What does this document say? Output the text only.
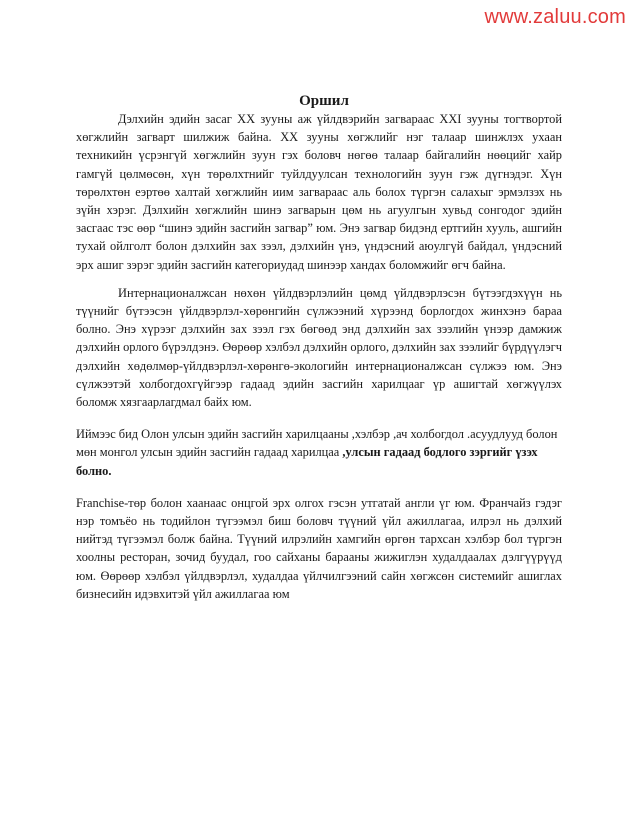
www.zaluu.com
Оршил

Дэлхийн эдийн засаг XX зууны аж үйлдвэрийн загвараас XXI зууны тогтвортой хөгжлийн загварт шилжиж байна. XX зууны хөгжлийг нэг талаар шинжлэх ухаан техникийн үсрэнгүй хөгжлийн зуун гэх боловч нөгөө талаар байгалийн нөөцийг хайр гамгүй цөлмөсөн, хүн төрөлхтнийг туйлдуулсан технологийн зуун гэж дүгнэдэг. Хүн төрөлхтөн еэртөө халтай хөгжлийн иим загвараас аль болох түргэн салахыг эрмэлзэх нь зүйн хэрэг. Дэлхийн хөгжлийн шинэ загварын цөм нь агуулгын хувьд сонгодог эдийн засгаас тэс өөр “шинэ эдийн засгийн загвар” юм. Энэ загвар бидэнд ертгийн хууль, ашгийн тухай ойлголт болон дэлхийн зах зээл, дэлхийн үнэ, үндэсний аюулгүй байдал, үндэсний эрх ашиг зэрэг эдийн засгийн категориудад шинээр хандах боломжийг өгч байна.

Интернационалжсан нөхөн үйлдвэрлэлийн цөмд үйлдвэрлэсэн бүтээгдэхүүн нь түүнийг бүтээсэн үйлдвэрлэл-хөрөнгийн сүлжээний хүрээнд борлогдох жинхэнэ бараа болно. Энэ хүрээг дэлхийн зах зээл гэх бөгөөд энд дэлхийн зах зээлийн үнээр дамжиж дэлхийн орлого бүрэлдэнэ. Өөрөөр хэлбэл дэлхийн орлого, дэлхийн зах зээлийг бүрдүүлэгч дэлхийн хөдөлмөр-үйлдвэрлэл-хөрөнгө-экологийн интернационалжсан сүлжээ юм. Энэ сүлжээтэй холбогдохгүйгээр гадаад эдийн засгийн харилцааг үр ашигтай хөгжүүлэх боломж хязгаарлагдмал байх юм.

Иймээс бид Олон улсын эдийн засгийн харилцааны ,хэлбэр ,ач холбогдол .асуудлууд болон мөн монгол улсын эдийн засгийн гадаад харилцаа ,улсын гадаад бодлого зэргийг үзэх болно.

Franchise-төр болон хаанаас онцгой эрх олгох гэсэн утгатай англи үг юм. Франчайз гэдэг нэр томъёо нь тодийлон түгээмэл биш боловч түүний үйл ажиллагаа, илрэл нь дэлхий нийтэд түгээмэл болж байна. Түүний илрэлийн хамгийн өргөн тархсан хэлбэр бол түргэн хоолны ресторан, зочид буудал, гоо сайханы барааны жижиглэн худалдаалах дэлгүүрүүд юм. Өөрөөр хэлбэл үйлдвэрлэл, худалдаа үйлчилгээний сайн хөгжсөн системийг ашиглах бизнесийн идэвхитэй үйл ажиллагаа юм
